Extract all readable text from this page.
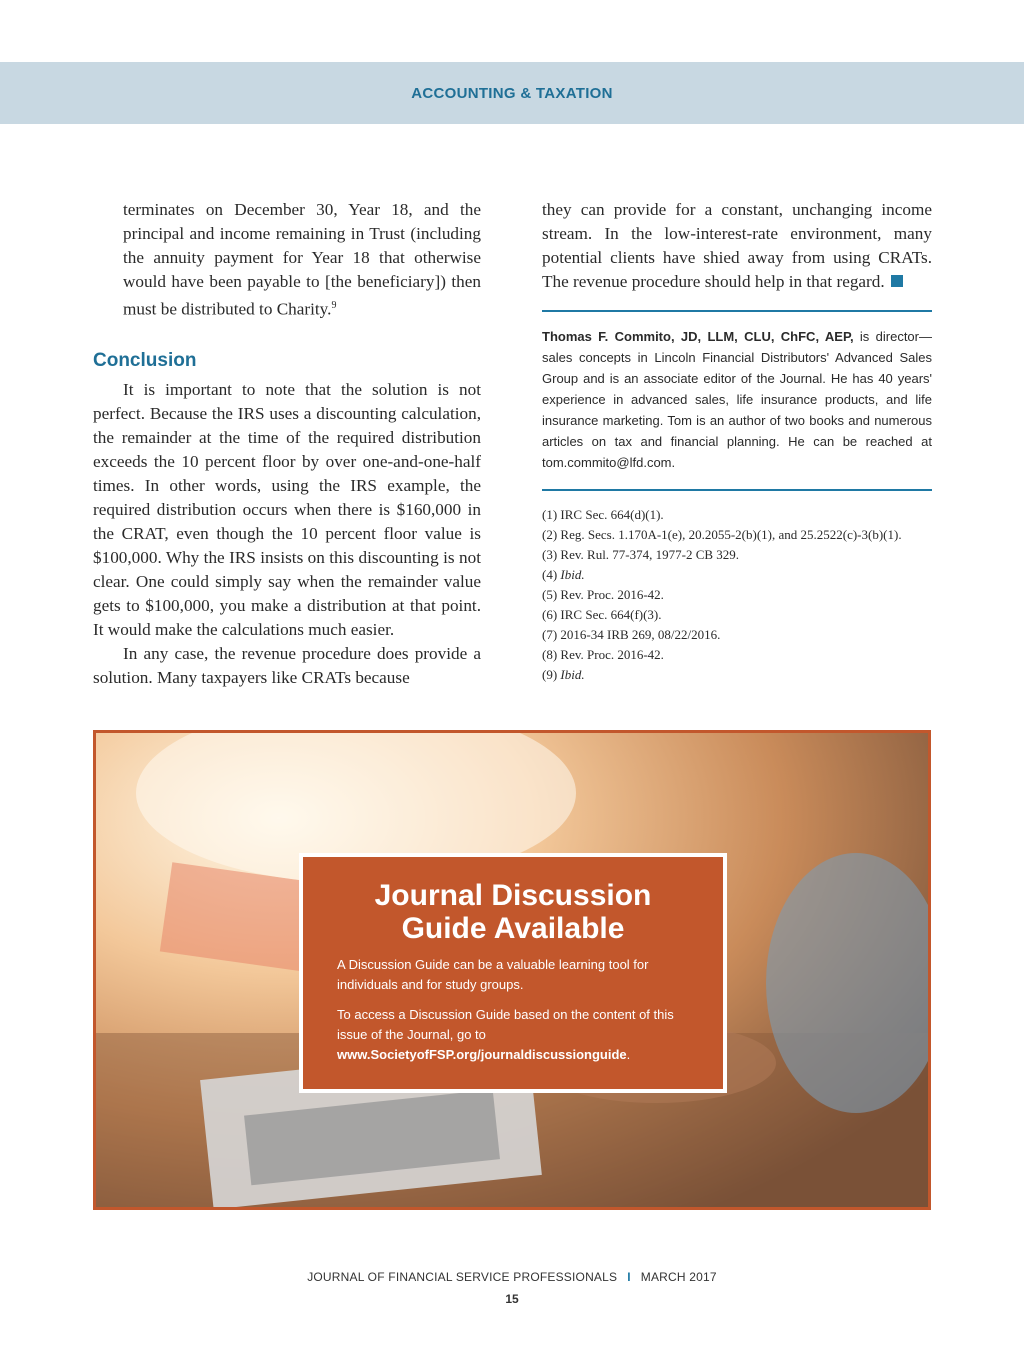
ACCOUNTING & TAXATION

terminates on December 30, Year 18, and the principal and income remaining in Trust (including the annuity payment for Year 18 that otherwise would have been payable to [the beneficiary]) then must be distributed to Charity.$^9$

Conclusion

It is important to note that the solution is not perfect. Because the IRS uses a discounting calculation, the remainder at the time of the required distribution exceeds the 10 percent floor by over one-and-one-half times. In other words, using the IRS example, the required distribution occurs when there is $160,000 in the CRAT, even though the 10 percent floor value is $100,000. Why the IRS insists on this discounting is not clear. One could simply say when the remainder value gets to $100,000, you make a distribution at that point. It would make the calculations much easier.

In any case, the revenue procedure does provide a solution. Many taxpayers like CRATs because

they can provide for a constant, unchanging income stream. In the low-interest-rate environment, many potential clients have shied away from using CRATs. The revenue procedure should help in that regard.

Thomas F. Commito, JD, LLM, CLU, ChFC, AEP, is director—sales concepts in Lincoln Financial Distributors' Advanced Sales Group and is an associate editor of the Journal. He has 40 years' experience in advanced sales, life insurance products, and life insurance marketing. Tom is an author of two books and numerous articles on tax and financial planning. He can be reached at tom.commito@lfd.com.

(1) IRC Sec. 664(d)(1).
(2) Reg. Secs. 1.170A-1(e), 20.2055-2(b)(1), and 25.2522(c)-3(b)(1).
(3) Rev. Rul. 77-374, 1977-2 CB 329.
(4) Ibid.
(5) Rev. Proc. 2016-42.
(6) IRC Sec. 664(f)(3).
(7) 2016-34 IRB 269, 08/22/2016.
(8) Rev. Proc. 2016-42.
(9) Ibid.

Journal Discussion
Guide Available

A Discussion Guide can be a valuable learning tool for individuals and for study groups.

To access a Discussion Guide based on the content of this issue of the Journal, go to www.SocietyofFSP.org/journaldiscussionguide.

JOURNAL OF FINANCIAL SERVICE PROFESSIONALS I MARCH 2017
15
